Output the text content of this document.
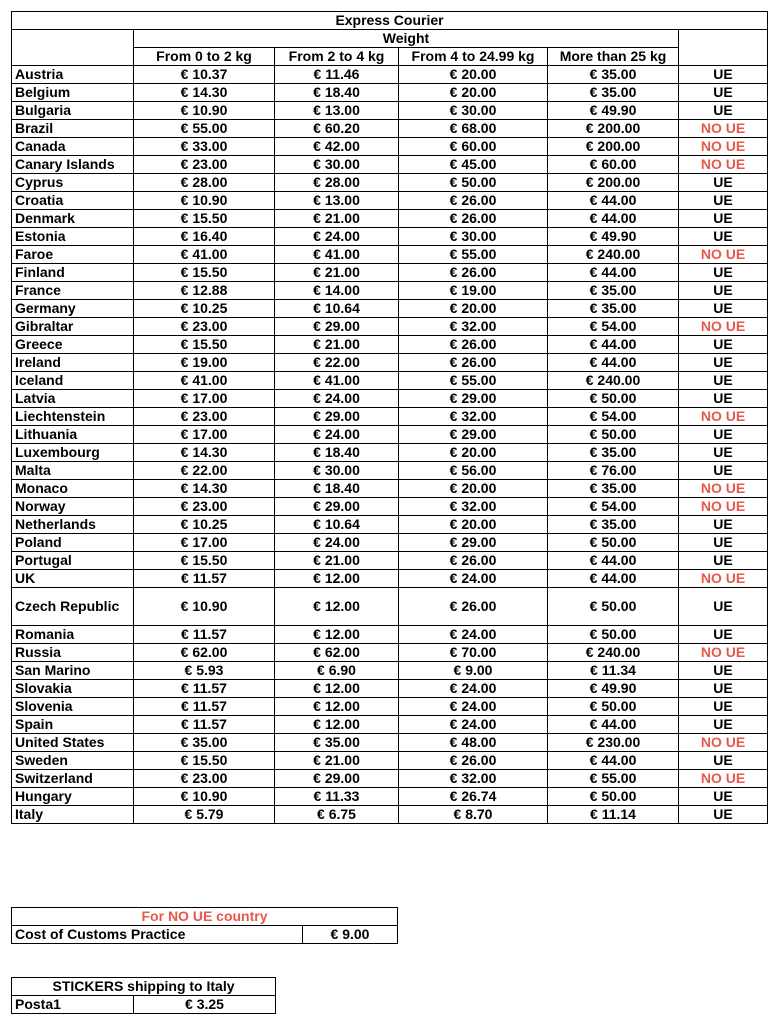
Express Courier					
	Weight				
	From 0 to 2 kg	From 2 to 4 kg	From 4 to 24.99 kg	More than 25 kg	
Austria	€ 10.37	€ 11.46	€ 20.00	€ 35.00	UE
Belgium	€ 14.30	€ 18.40	€ 20.00	€ 35.00	UE
Bulgaria	€ 10.90	€ 13.00	€ 30.00	€ 49.90	UE
Brazil	€ 55.00	€ 60.20	€ 68.00	€ 200.00	NO UE
Canada	€ 33.00	€ 42.00	€ 60.00	€ 200.00	NO UE
Canary Islands	€ 23.00	€ 30.00	€ 45.00	€ 60.00	NO UE
Cyprus	€ 28.00	€ 28.00	€ 50.00	€ 200.00	UE
Croatia	€ 10.90	€ 13.00	€ 26.00	€ 44.00	UE
Denmark	€ 15.50	€ 21.00	€ 26.00	€ 44.00	UE
Estonia	€ 16.40	€ 24.00	€ 30.00	€ 49.90	UE
Faroe	€ 41.00	€ 41.00	€ 55.00	€ 240.00	NO UE
Finland	€ 15.50	€ 21.00	€ 26.00	€ 44.00	UE
France	€ 12.88	€ 14.00	€ 19.00	€ 35.00	UE
Germany	€ 10.25	€ 10.64	€ 20.00	€ 35.00	UE
Gibraltar	€ 23.00	€ 29.00	€ 32.00	€ 54.00	NO UE
Greece	€ 15.50	€ 21.00	€ 26.00	€ 44.00	UE
Ireland	€ 19.00	€ 22.00	€ 26.00	€ 44.00	UE
Iceland	€ 41.00	€ 41.00	€ 55.00	€ 240.00	UE
Latvia	€ 17.00	€ 24.00	€ 29.00	€ 50.00	UE
Liechtenstein	€ 23.00	€ 29.00	€ 32.00	€ 54.00	NO UE
Lithuania	€ 17.00	€ 24.00	€ 29.00	€ 50.00	UE
Luxembourg	€ 14.30	€ 18.40	€ 20.00	€ 35.00	UE
Malta	€ 22.00	€ 30.00	€ 56.00	€ 76.00	UE
Monaco	€ 14.30	€ 18.40	€ 20.00	€ 35.00	NO UE
Norway	€ 23.00	€ 29.00	€ 32.00	€ 54.00	NO UE
Netherlands	€ 10.25	€ 10.64	€ 20.00	€ 35.00	UE
Poland	€ 17.00	€ 24.00	€ 29.00	€ 50.00	UE
Portugal	€ 15.50	€ 21.00	€ 26.00	€ 44.00	UE
UK	€ 11.57	€ 12.00	€ 24.00	€ 44.00	NO UE
Czech Republic	€ 10.90	€ 12.00	€ 26.00	€ 50.00	UE
Romania	€ 11.57	€ 12.00	€ 24.00	€ 50.00	UE
Russia	€ 62.00	€ 62.00	€ 70.00	€ 240.00	NO UE
San Marino	€ 5.93	€ 6.90	€ 9.00	€ 11.34	UE
Slovakia	€ 11.57	€ 12.00	€ 24.00	€ 49.90	UE
Slovenia	€ 11.57	€ 12.00	€ 24.00	€ 50.00	UE
Spain	€ 11.57	€ 12.00	€ 24.00	€ 44.00	UE
United States	€ 35.00	€ 35.00	€ 48.00	€ 230.00	NO UE
Sweden	€ 15.50	€ 21.00	€ 26.00	€ 44.00	UE
Switzerland	€ 23.00	€ 29.00	€ 32.00	€ 55.00	NO UE
Hungary	€ 10.90	€ 11.33	€ 26.74	€ 50.00	UE
Italy	€ 5.79	€ 6.75	€ 8.70	€ 11.14	UE
For NO UE country
Cost of Customs Practice	€ 9.00
STICKERS shipping to Italy
Posta1	€ 3.25
